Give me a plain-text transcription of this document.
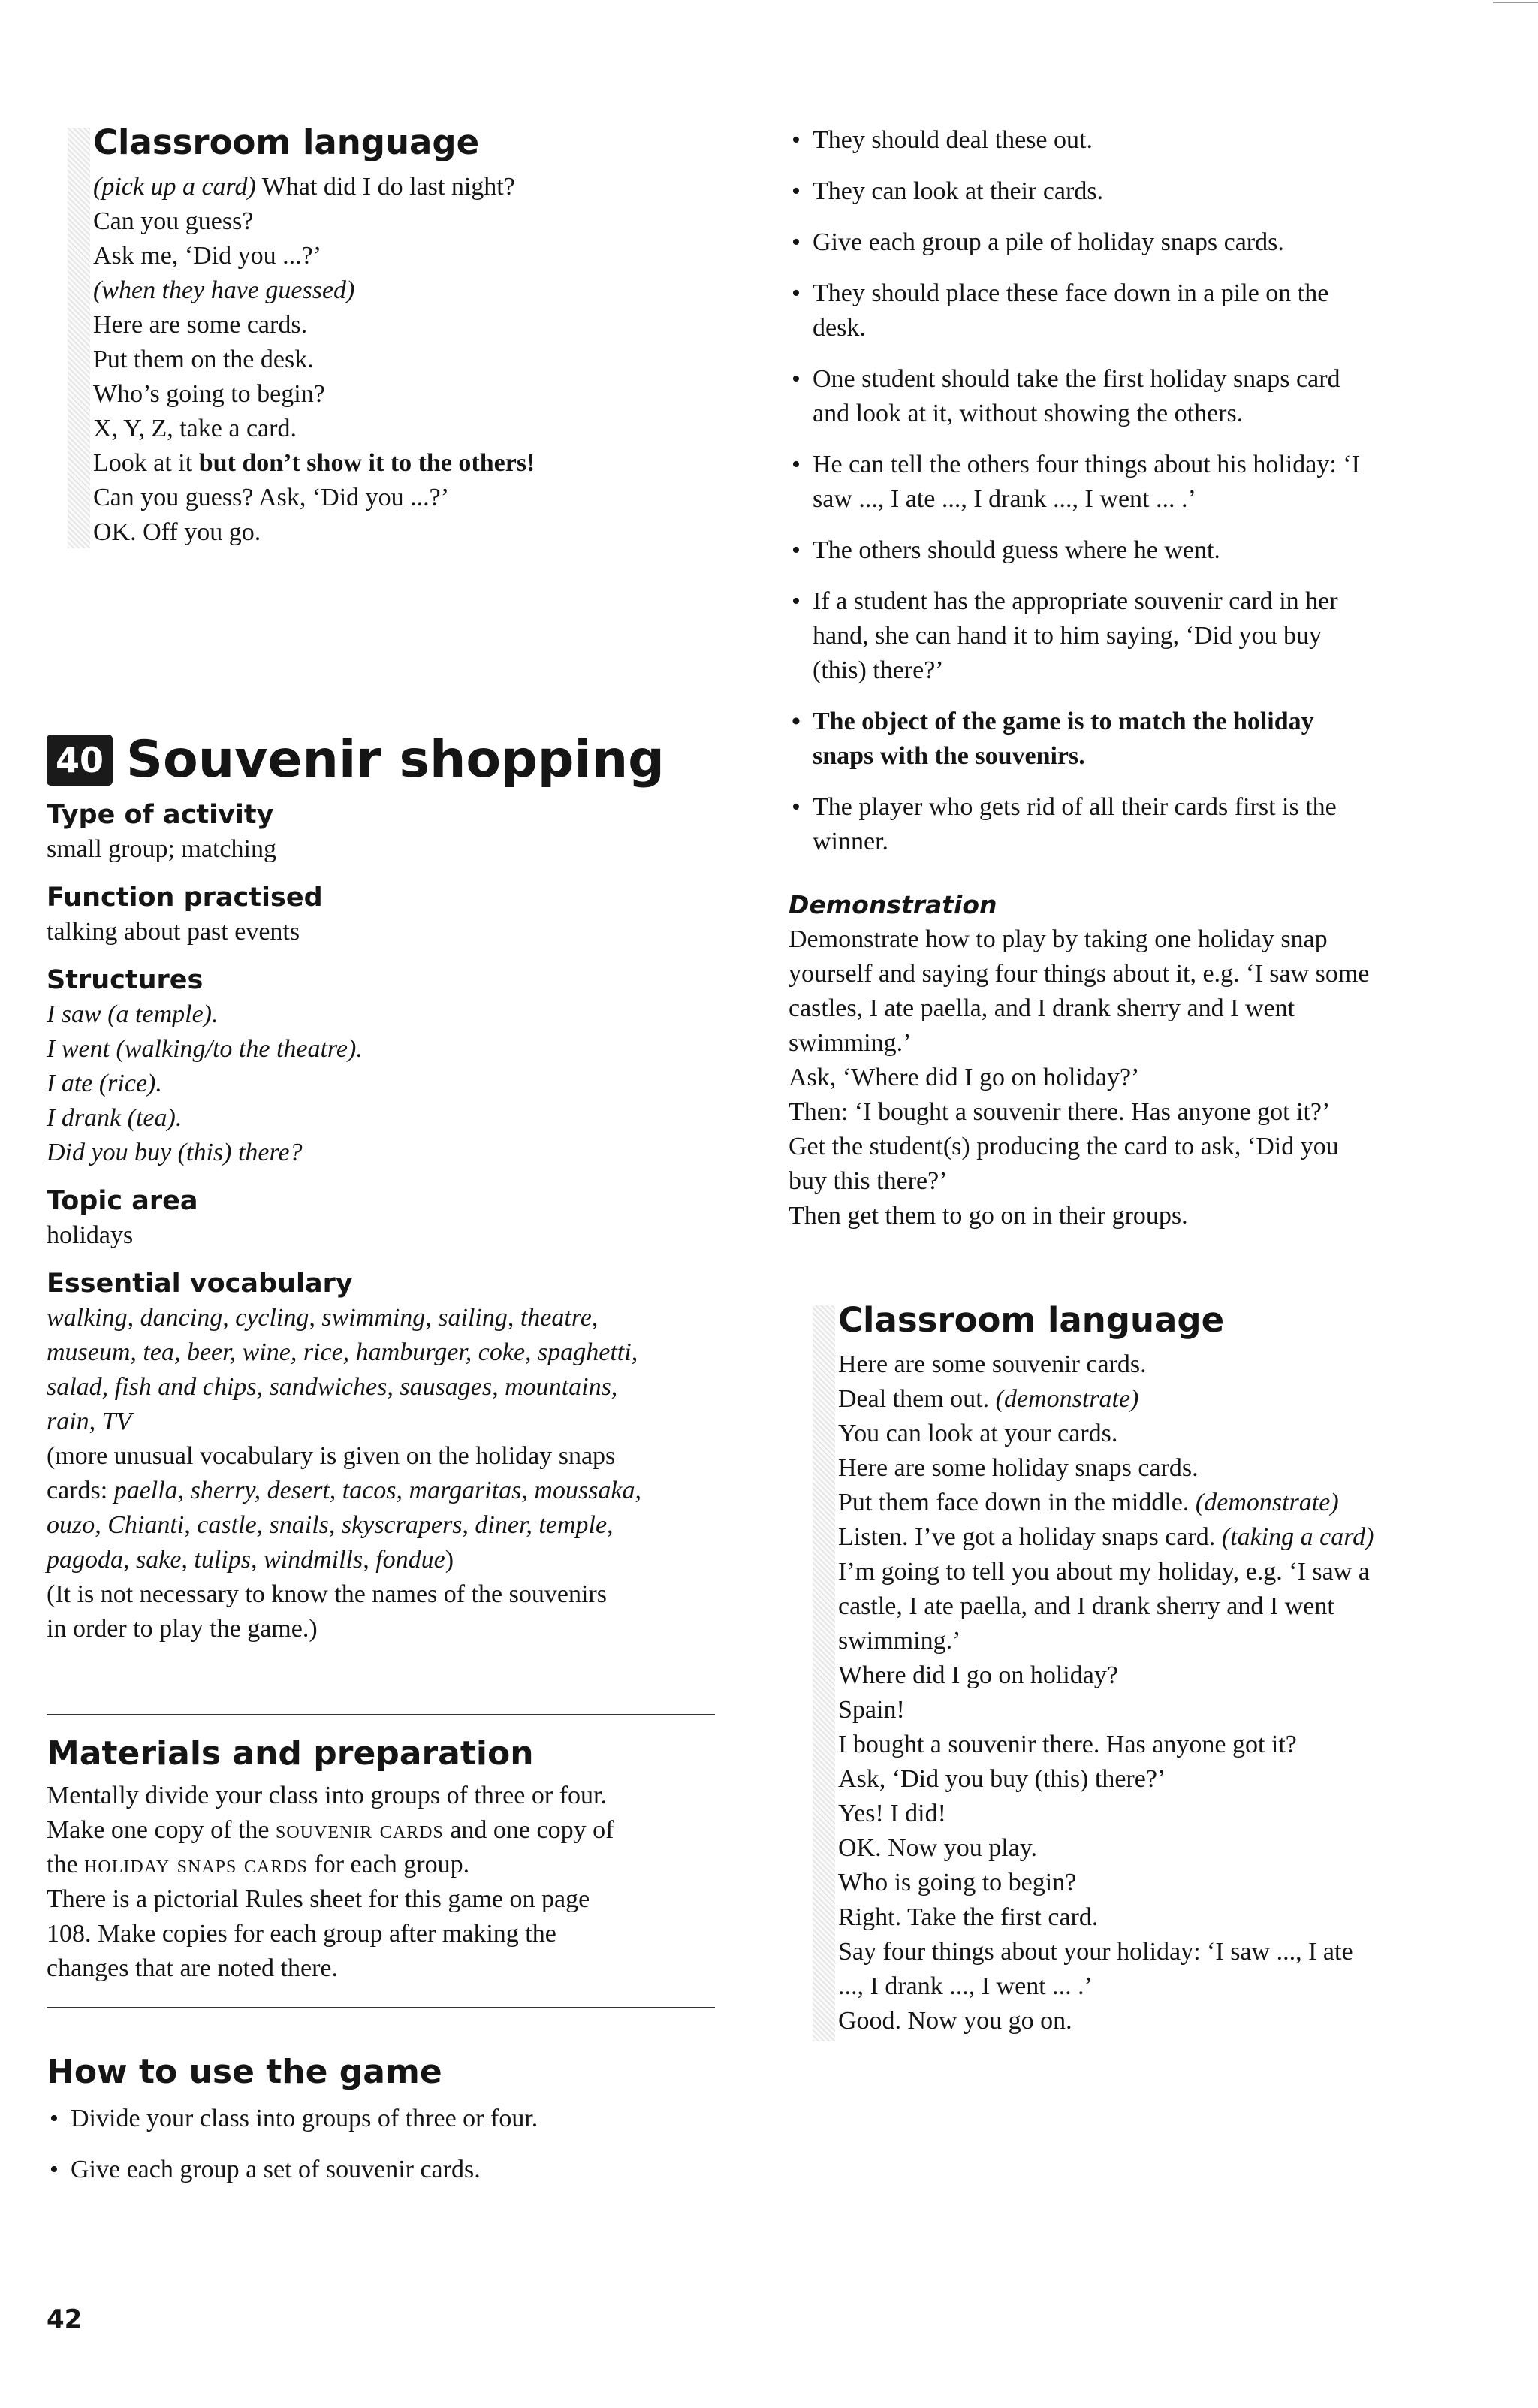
Classroom language
(pick up a card) What did I do last night?
Can you guess?
Ask me, ‘Did you ...?’
(when they have guessed)
Here are some cards.
Put them on the desk.
Who’s going to begin?
X, Y, Z, take a card.
Look at it but don’t show it to the others!
Can you guess? Ask, ‘Did you ...?’
OK. Off you go.
40 Souvenir shopping
Type of activity
small group; matching
Function practised
talking about past events
Structures
I saw (a temple).
I went (walking/to the theatre).
I ate (rice).
I drank (tea).
Did you buy (this) there?
Topic area
holidays
Essential vocabulary
walking, dancing, cycling, swimming, sailing, theatre,
museum, tea, beer, wine, rice, hamburger, coke, spaghetti,
salad, fish and chips, sandwiches, sausages, mountains,
rain, TV
(more unusual vocabulary is given on the holiday snaps
cards: paella, sherry, desert, tacos, margaritas, moussaka,
ouzo, Chianti, castle, snails, skyscrapers, diner, temple,
pagoda, sake, tulips, windmills, fondue)
(It is not necessary to know the names of the souvenirs
in order to play the game.)
Materials and preparation
Mentally divide your class into groups of three or four.
Make one copy of the souvenir cards and one copy of
the holiday snaps cards for each group.
There is a pictorial Rules sheet for this game on page
108. Make copies for each group after making the
changes that are noted there.
How to use the game
• Divide your class into groups of three or four.
• Give each group a set of souvenir cards.
42
• They should deal these out.
• They can look at their cards.
• Give each group a pile of holiday snaps cards.
• They should place these face down in a pile on the
desk.
• One student should take the first holiday snaps card
and look at it, without showing the others.
• He can tell the others four things about his holiday: ‘I
saw ..., I ate ..., I drank ..., I went ... .’
• The others should guess where he went.
• If a student has the appropriate souvenir card in her
hand, she can hand it to him saying, ‘Did you buy
(this) there?’
• The object of the game is to match the holiday
snaps with the souvenirs.
• The player who gets rid of all their cards first is the
winner.
Demonstration
Demonstrate how to play by taking one holiday snap
yourself and saying four things about it, e.g. ‘I saw some
castles, I ate paella, and I drank sherry and I went
swimming.’
Ask, ‘Where did I go on holiday?’
Then: ‘I bought a souvenir there. Has anyone got it?’
Get the student(s) producing the card to ask, ‘Did you
buy this there?’
Then get them to go on in their groups.
Classroom language
Here are some souvenir cards.
Deal them out. (demonstrate)
You can look at your cards.
Here are some holiday snaps cards.
Put them face down in the middle. (demonstrate)
Listen. I’ve got a holiday snaps card. (taking a card)
I’m going to tell you about my holiday, e.g. ‘I saw a
castle, I ate paella, and I drank sherry and I went
swimming.’
Where did I go on holiday?
Spain!
I bought a souvenir there. Has anyone got it?
Ask, ‘Did you buy (this) there?’
Yes! I did!
OK. Now you play.
Who is going to begin?
Right. Take the first card.
Say four things about your holiday: ‘I saw ..., I ate
..., I drank ..., I went ... .’
Good. Now you go on.
